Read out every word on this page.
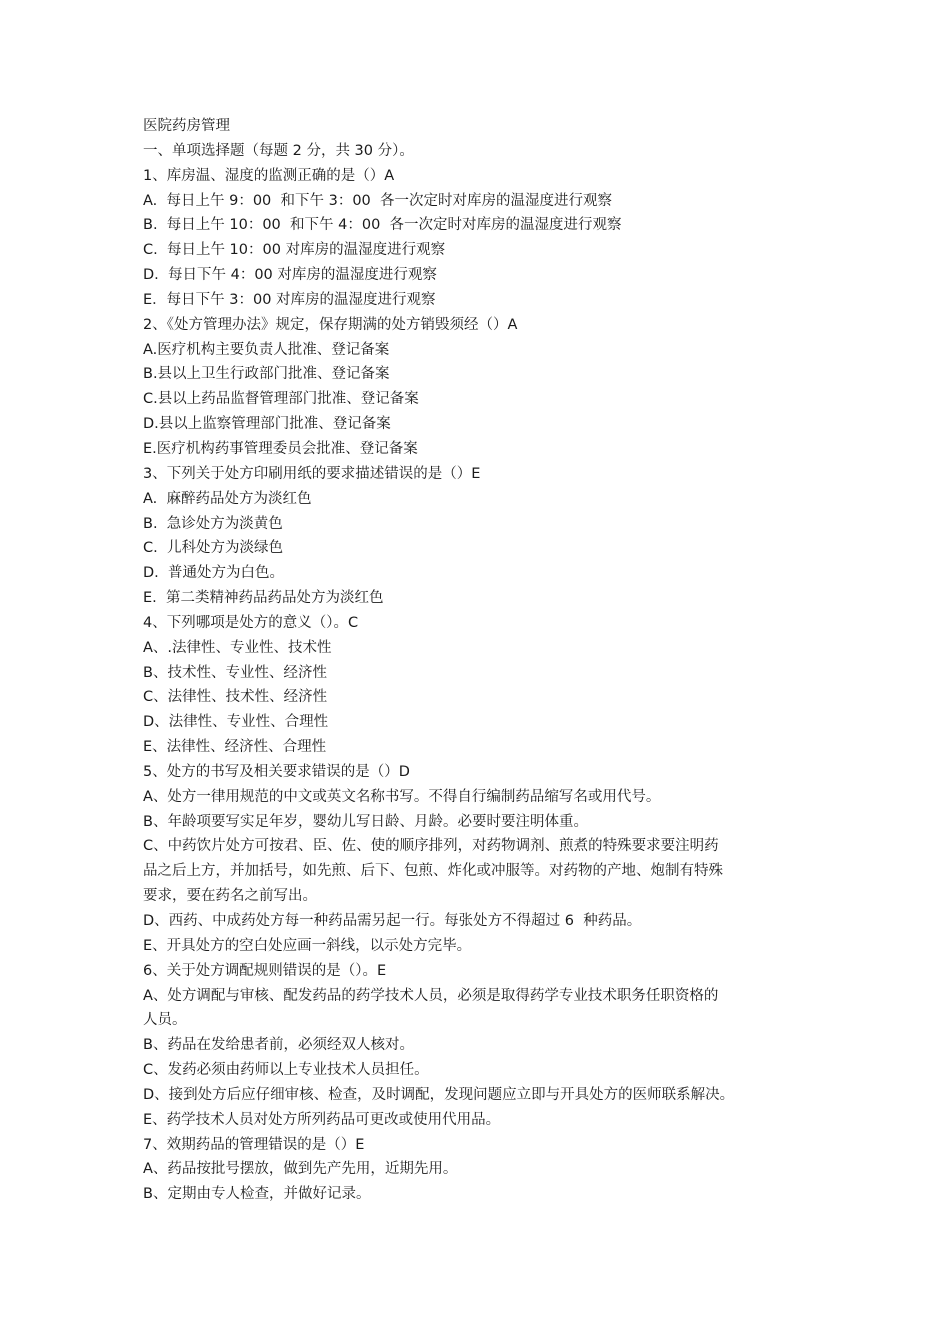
医院药房管理
一、单项选择题（每题 2 分，共 30 分）。
1、库房温、湿度的监测正确的是（）A
A.  每日上午 9：00  和下午 3：00  各一次定时对库房的温湿度进行观察
B.  每日上午 10：00  和下午 4：00  各一次定时对库房的温湿度进行观察
C.  每日上午 10：00 对库房的温湿度进行观察
D.  每日下午 4：00 对库房的温湿度进行观察
E．每日下午 3：00 对库房的温湿度进行观察
2、《处方管理办法》规定，保存期满的处方销毁须经（）A
A.医疗机构主要负责人批准、登记备案
B.县以上卫生行政部门批准、登记备案
C.县以上药品监督管理部门批准、登记备案
D.县以上监察管理部门批准、登记备案
E.医疗机构药事管理委员会批准、登记备案
3、下列关于处方印刷用纸的要求描述错误的是（）E
A.  麻醉药品处方为淡红色
B.  急诊处方为淡黄色
C.  儿科处方为淡绿色
D.  普通处方为白色。
E.  第二类精神药品药品处方为淡红色
4、下列哪项是处方的意义（）。C
A、.法律性、专业性、技术性
B、技术性、专业性、经济性
C、法律性、技术性、经济性
D、法律性、专业性、合理性
E、法律性、经济性、合理性
5、处方的书写及相关要求错误的是（）D
A、处方一律用规范的中文或英文名称书写。不得自行编制药品缩写名或用代号。
B、年龄项要写实足年岁，婴幼儿写日龄、月龄。必要时要注明体重。
C、中药饮片处方可按君、臣、佐、使的顺序排列，对药物调剂、煎煮的特殊要求要注明药
品之后上方，并加括号，如先煎、后下、包煎、炸化或冲服等。对药物的产地、炮制有特殊
要求，要在药名之前写出。
D、西药、中成药处方每一种药品需另起一行。每张处方不得超过 6  种药品。
E、开具处方的空白处应画一斜线，以示处方完毕。
6、关于处方调配规则错误的是（）。E
A、处方调配与审核、配发药品的药学技术人员，必须是取得药学专业技术职务任职资格的
人员。
B、药品在发给患者前，必须经双人核对。
C、发药必须由药师以上专业技术人员担任。
D、接到处方后应仔细审核、检查，及时调配，发现问题应立即与开具处方的医师联系解决。
E、药学技术人员对处方所列药品可更改或使用代用品。
7、效期药品的管理错误的是（）E
A、药品按批号摆放，做到先产先用，近期先用。
B、定期由专人检查，并做好记录。
